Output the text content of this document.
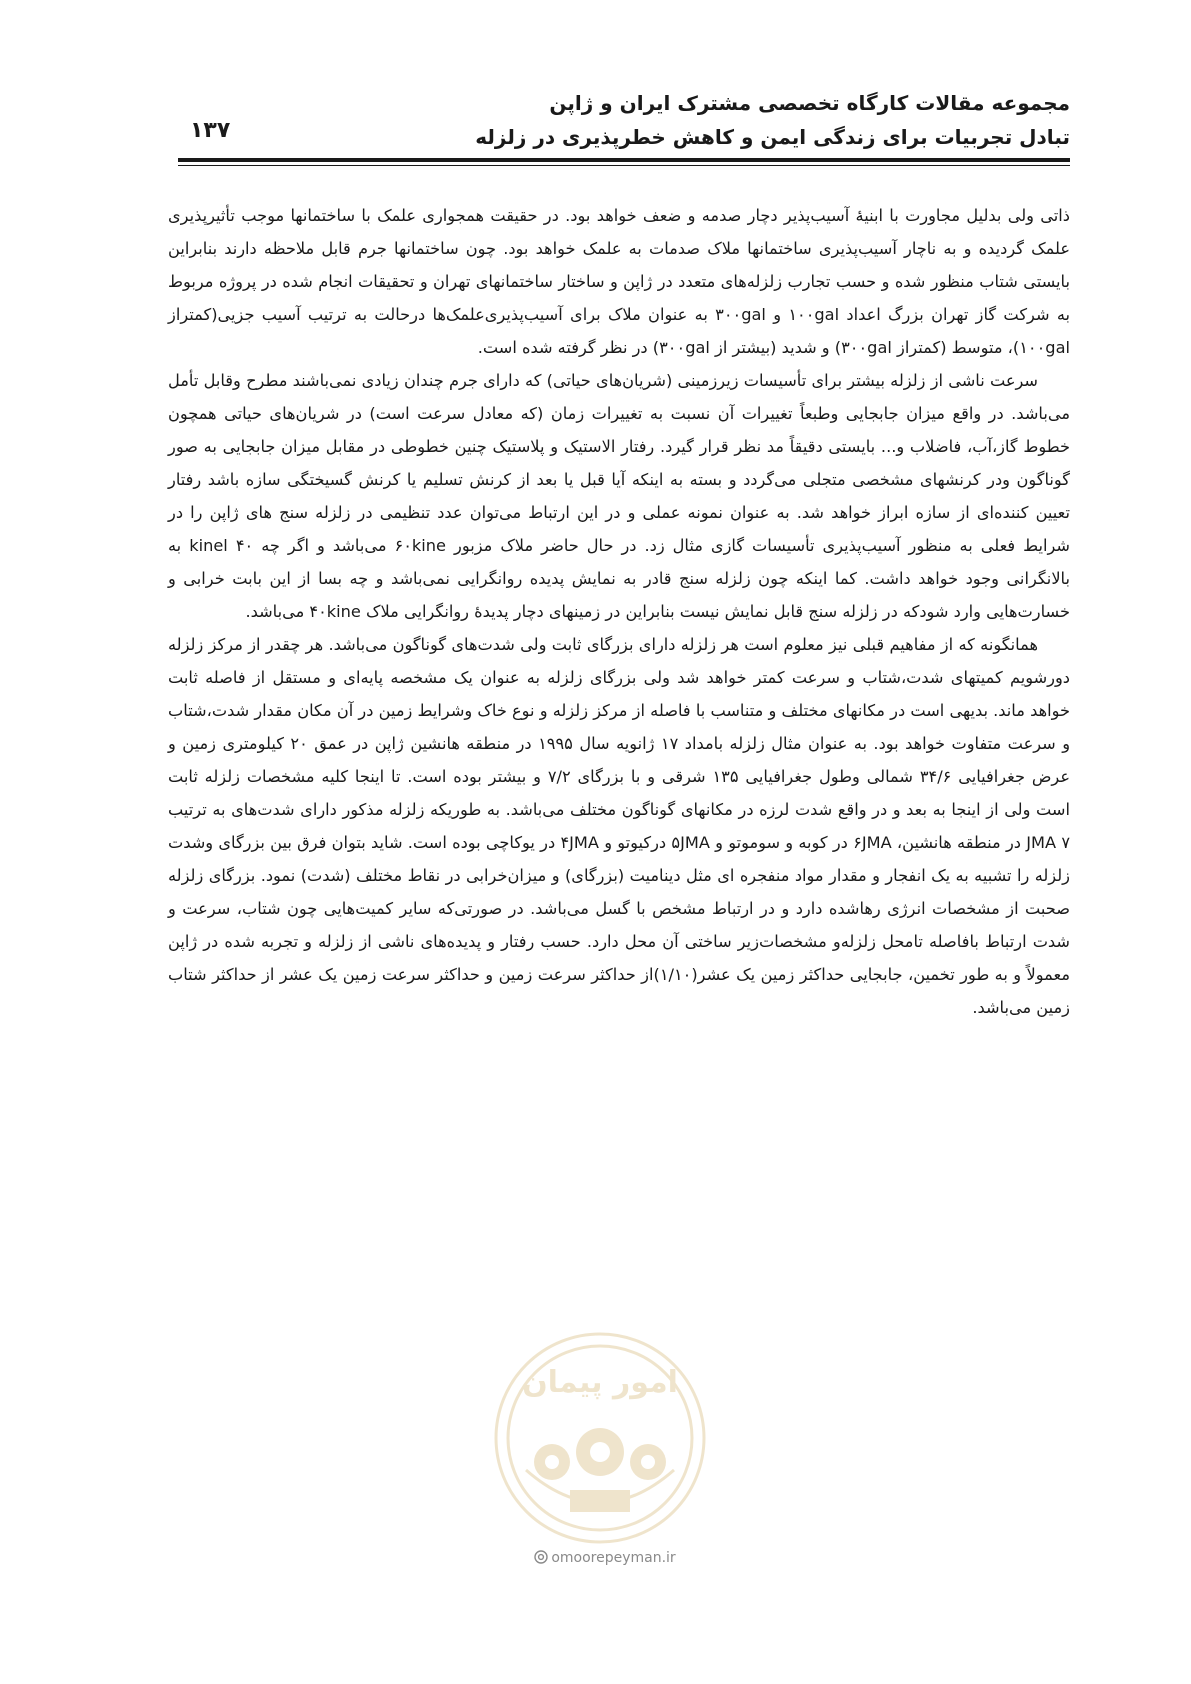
مجموعه مقالات کارگاه تخصصی مشترک ایران و ژاپن
تبادل تجربیات برای زندگی ایمن و کاهش خطرپذیری در زلزله
۱۳۷

ذاتی ولی بدلیل مجاورت با ابنیهٔ آسیب‌پذیر دچار صدمه و ضعف خواهد بود. در حقیقت همجواری علمک با ساختمانها موجب تأثیرپذیری علمک گردیده و به ناچار آسیب‌پذیری ساختمانها ملاک صدمات به علمک خواهد بود. چون ساختمانها جرم قابل ملاحظه دارند بنابراین بایستی شتاب منظور شده و حسب تجارب زلزله‌های متعدد در ژاپن و ساختار ساختمانهای تهران و تحقیقات انجام شده در پروژه مربوط به شرکت گاز تهران بزرگ اعداد ۱۰۰gal و ۳۰۰gal به عنوان ملاک برای آسیب‌پذیری‌علمک‌ها درحالت به ترتیب آسیب جزیی(کمتراز ۱۰۰gal)، متوسط (کمتراز ۳۰۰gal) و شدید (بیشتر از ۳۰۰gal) در نظر گرفته شده است.

سرعت ناشی از زلزله بیشتر برای تأسیسات زیرزمینی (شریان‌های حیاتی) که دارای جرم چندان زیادی نمی‌باشند مطرح وقابل تأمل می‌باشد. در واقع میزان جابجایی وطبعاً تغییرات آن نسبت به تغییرات زمان (که معادل سرعت است) در شریان‌های حیاتی همچون خطوط گاز،آب، فاضلاب و... بایستی دقیقاً مد نظر قرار گیرد. رفتار الاستیک و پلاستیک چنین خطوطی در مقابل میزان جابجایی به صور گوناگون ودر کرنشهای مشخصی متجلی می‌گردد و بسته به اینکه آیا قبل یا بعد از کرنش تسلیم یا کرنش گسیختگی سازه باشد رفتار تعیین کننده‌ای از سازه ابراز خواهد شد. به عنوان نمونه عملی و در این ارتباط می‌توان عدد تنظیمی در زلزله سنج های ژاپن را در شرایط فعلی به منظور آسیب‌پذیری تأسیسات گازی مثال زد. در حال حاضر ملاک مزبور ۶۰kine می‌باشد و اگر چه ۴۰ kinel به بالانگرانی وجود خواهد داشت. کما اینکه چون زلزله سنج قادر به نمایش پدیده روانگرایی نمی‌باشد و چه بسا از این بابت خرابی و خسارت‌هایی وارد شودکه در زلزله سنج قابل نمایش نیست بنابراین در زمینهای دچار پدیدهٔ روانگرایی ملاک ۴۰kine می‌باشد.

همانگونه که از مفاهیم قبلی نیز معلوم است هر زلزله دارای بزرگای ثابت ولی شدت‌های گوناگون می‌باشد. هر چقدر از مرکز زلزله دورشویم کمیتهای شدت،شتاب و سرعت کمتر خواهد شد ولی بزرگای زلزله به عنوان یک مشخصه پایه‌ای و مستقل از فاصله ثابت خواهد ماند. بدیهی است در مکانهای مختلف و متناسب با فاصله از مرکز زلزله و نوع خاک وشرایط زمین در آن مکان مقدار شدت،شتاب و سرعت متفاوت خواهد بود. به عنوان مثال زلزله بامداد ۱۷ ژانویه سال ۱۹۹۵ در منطقه هانشین ژاپن در عمق ۲۰ کیلومتری زمین و عرض جغرافیایی ۳۴/۶ شمالی وطول جغرافیایی ۱۳۵ شرقی و با بزرگای ۷/۲ و بیشتر بوده است. تا اینجا کلیه مشخصات زلزله ثابت است ولی از اینجا به بعد و در واقع شدت لرزه در مکانهای گوناگون مختلف می‌باشد. به طوریکه زلزله مذکور دارای شدت‌های به ترتیب JMA ۷ در منطقه هانشین، ۶JMA در کوبه و سوموتو و ۵JMA درکیوتو و ۴JMA در یوکاچی بوده است. شاید بتوان فرق بین بزرگای وشدت زلزله را تشبیه به یک انفجار و مقدار مواد منفجره ای مثل دینامیت (بزرگای) و میزان‌خرابی در نقاط مختلف (شدت) نمود. بزرگای زلزله صحبت از مشخصات انرژی رهاشده دارد و در ارتباط مشخص با گسل می‌باشد. در صورتی‌که سایر کمیت‌هایی چون شتاب، سرعت و شدت ارتباط بافاصله تامحل زلزله‌و مشخصات‌زیر ساختی آن محل دارد. حسب رفتار و پدیده‌های ناشی از زلزله و تجربه شده در ژاپن معمولاً و به طور تخمین، جابجایی حداکثر زمین یک عشر(۱/۱۰)از حداکثر سرعت زمین و حداکثر سرعت زمین یک عشر از حداکثر شتاب زمین می‌باشد.

امور پیمان
omoorepeyman.ir
